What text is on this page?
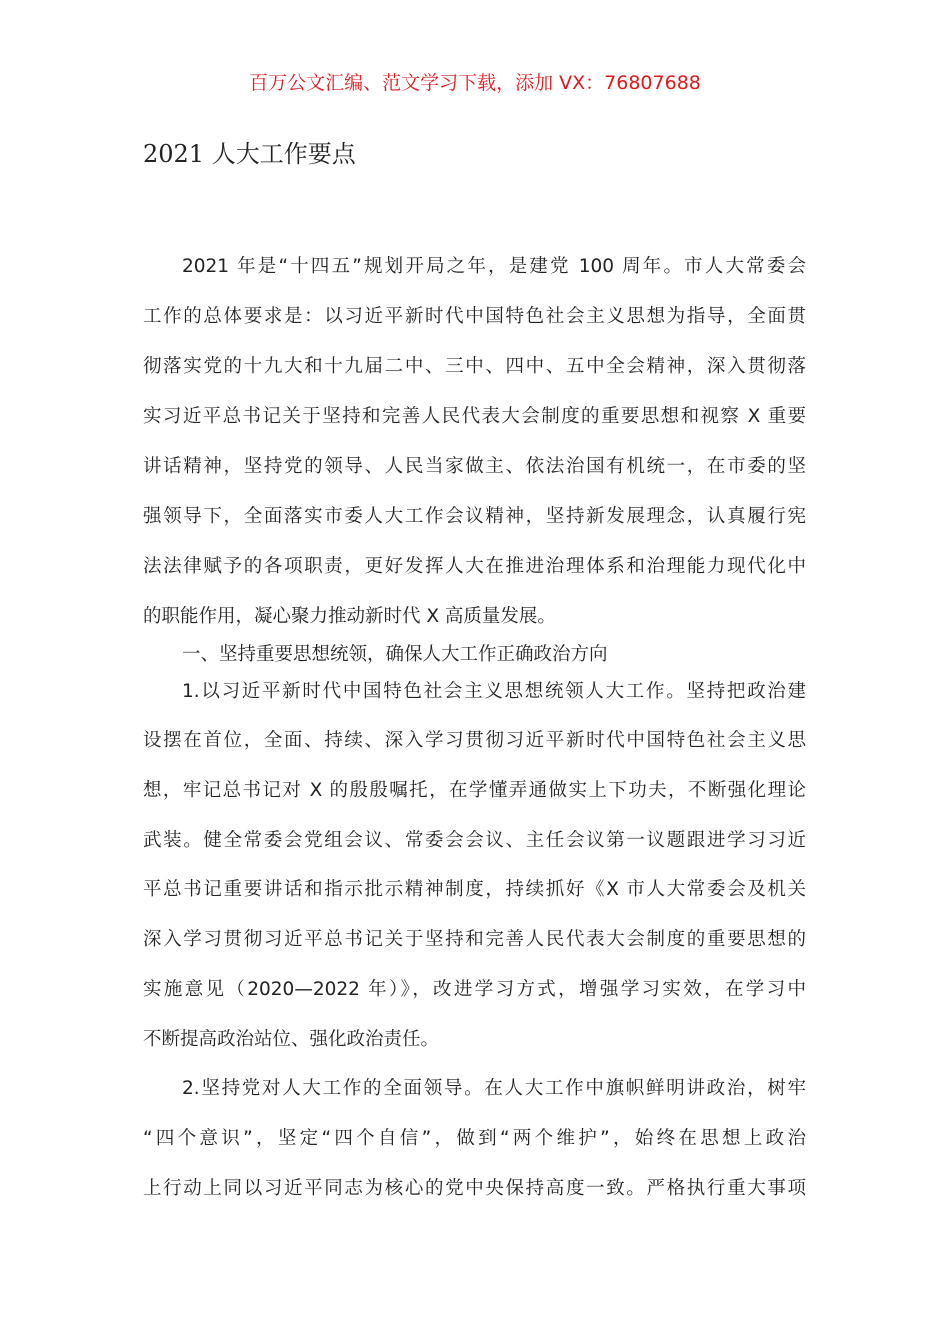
百万公文汇编、范文学习下载，添加 VX：76807688
2021 人大工作要点
2021 年是“十四五”规划开局之年，是建党 100 周年。市人大常委会
工作的总体要求是：以习近平新时代中国特色社会主义思想为指导，全面贯
彻落实党的十九大和十九届二中、三中、四中、五中全会精神，深入贯彻落
实习近平总书记关于坚持和完善人民代表大会制度的重要思想和视察 X 重要
讲话精神，坚持党的领导、人民当家做主、依法治国有机统一，在市委的坚
强领导下，全面落实市委人大工作会议精神，坚持新发展理念，认真履行宪
法法律赋予的各项职责，更好发挥人大在推进治理体系和治理能力现代化中
的职能作用，凝心聚力推动新时代 X 高质量发展。
一、坚持重要思想统领，确保人大工作正确政治方向
1.以习近平新时代中国特色社会主义思想统领人大工作。坚持把政治建
设摆在首位，全面、持续、深入学习贯彻习近平新时代中国特色社会主义思
想，牢记总书记对 X 的殷殷嘱托，在学懂弄通做实上下功夫，不断强化理论
武装。健全常委会党组会议、常委会会议、主任会议第一议题跟进学习习近
平总书记重要讲话和指示批示精神制度，持续抓好《X 市人大常委会及机关
深入学习贯彻习近平总书记关于坚持和完善人民代表大会制度的重要思想的
实施意见（2020—2022 年）》，改进学习方式，增强学习实效，在学习中
不断提高政治站位、强化政治责任。
2.坚持党对人大工作的全面领导。在人大工作中旗帜鲜明讲政治，树牢
“四个意识”，坚定“四个自信”，做到“两个维护”，始终在思想上政治
上行动上同以习近平同志为核心的党中央保持高度一致。严格执行重大事项
